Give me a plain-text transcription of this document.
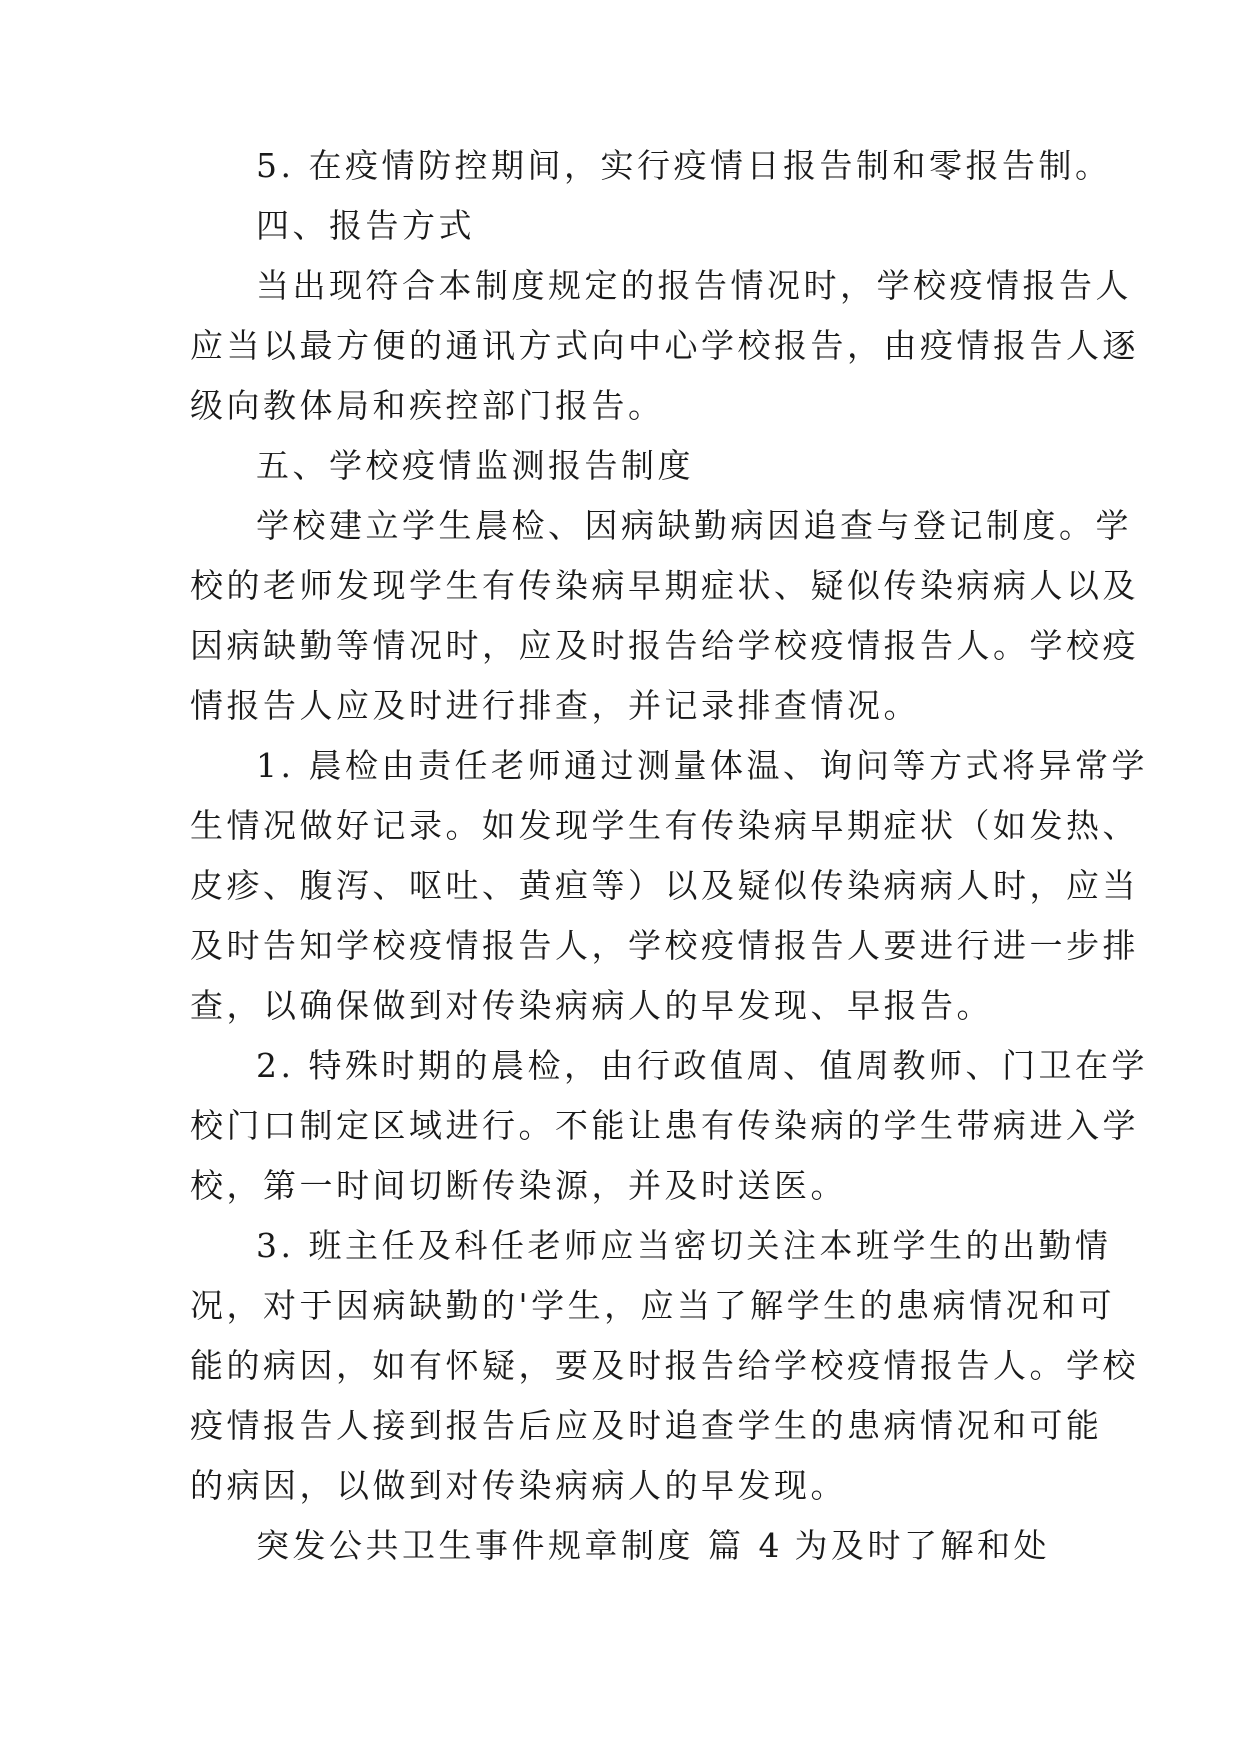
5. 在疫情防控期间，实行疫情日报告制和零报告制。
四、报告方式
当出现符合本制度规定的报告情况时，学校疫情报告人
应当以最方便的通讯方式向中心学校报告，由疫情报告人逐
级向教体局和疾控部门报告。
五、学校疫情监测报告制度
学校建立学生晨检、因病缺勤病因追查与登记制度。学
校的老师发现学生有传染病早期症状、疑似传染病病人以及
因病缺勤等情况时，应及时报告给学校疫情报告人。学校疫
情报告人应及时进行排查，并记录排查情况。
1. 晨检由责任老师通过测量体温、询问等方式将异常学
生情况做好记录。如发现学生有传染病早期症状（如发热、
皮疹、腹泻、呕吐、黄疸等）以及疑似传染病病人时，应当
及时告知学校疫情报告人，学校疫情报告人要进行进一步排
查，以确保做到对传染病病人的早发现、早报告。
2. 特殊时期的晨检，由行政值周、值周教师、门卫在学
校门口制定区域进行。不能让患有传染病的学生带病进入学
校，第一时间切断传染源，并及时送医。
3. 班主任及科任老师应当密切关注本班学生的出勤情
况，对于因病缺勤的'学生，应当了解学生的患病情况和可
能的病因，如有怀疑，要及时报告给学校疫情报告人。学校
疫情报告人接到报告后应及时追查学生的患病情况和可能
的病因，以做到对传染病病人的早发现。
突发公共卫生事件规章制度 篇 4 为及时了解和处
